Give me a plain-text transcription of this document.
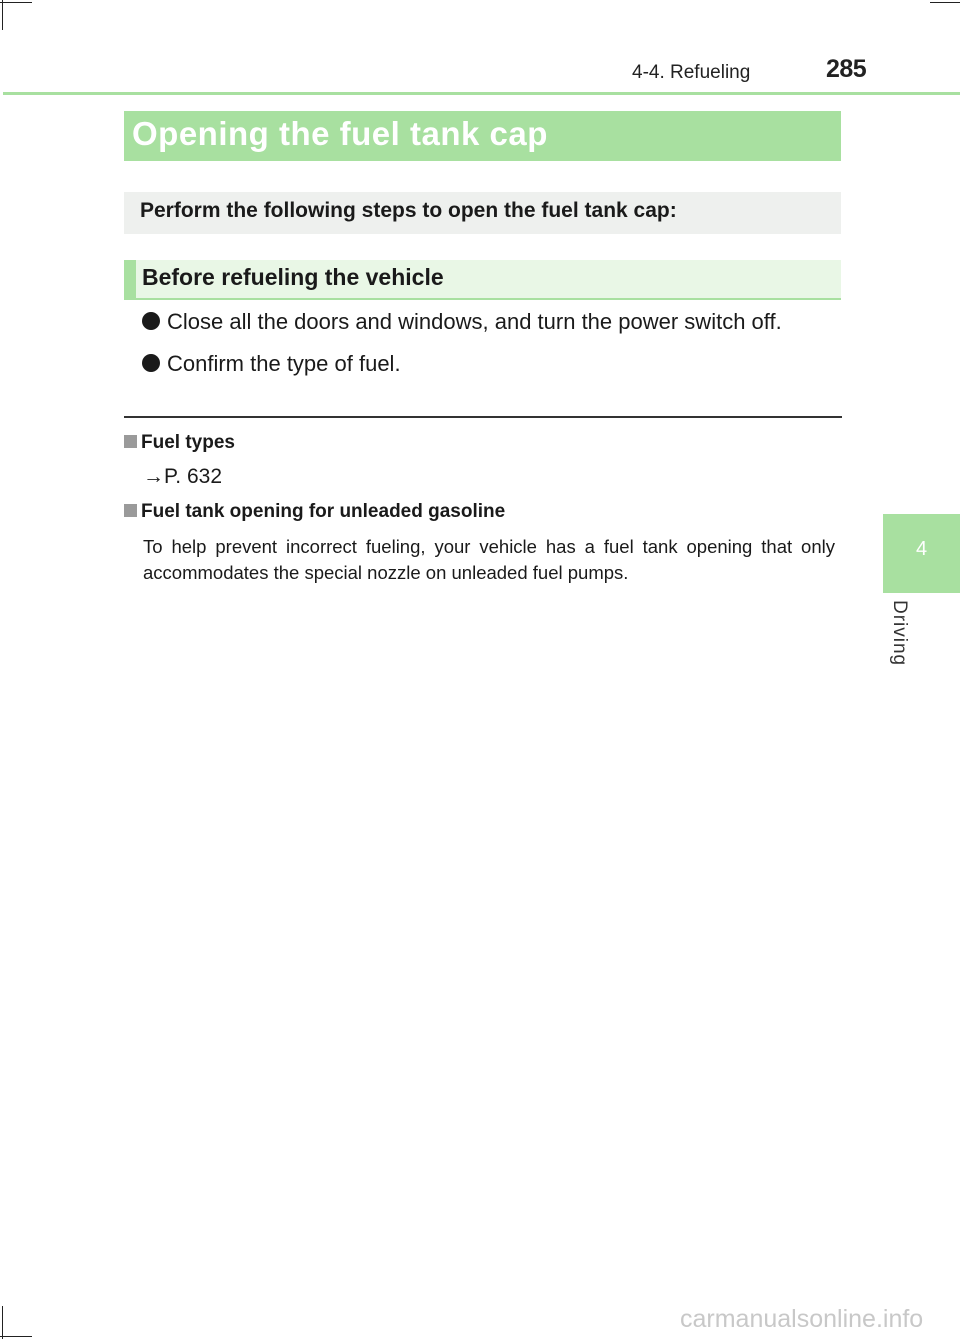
4-4. Refueling	285
Opening the fuel tank cap
Perform the following steps to open the fuel tank cap:
Before refueling the vehicle
Close all the doors and windows, and turn the power switch off.
Confirm the type of fuel.
Fuel types
→P. 632
Fuel tank opening for unleaded gasoline
To help prevent incorrect fueling, your vehicle has a fuel tank opening that only accommodates the special nozzle on unleaded fuel pumps.
4
Driving
carmanualsonline.info
